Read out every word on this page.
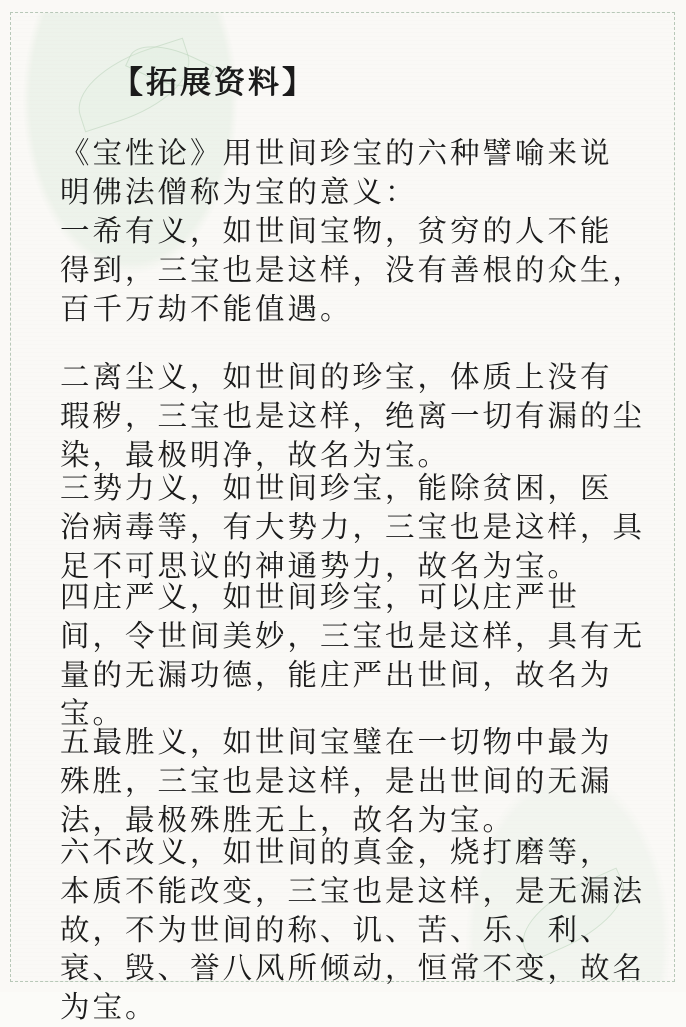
【拓展资料】
《宝性论》用世间珍宝的六种譬喻来说
明佛法僧称为宝的意义：
一希有义，如世间宝物，贫穷的人不能
得到，三宝也是这样，没有善根的众生，
百千万劫不能值遇。
二离尘义，如世间的珍宝，体质上没有
瑕秽，三宝也是这样，绝离一切有漏的尘
染，最极明净，故名为宝。
三势力义，如世间珍宝，能除贫困，医
治病毒等，有大势力，三宝也是这样，具
足不可思议的神通势力，故名为宝。
四庄严义，如世间珍宝，可以庄严世
间，令世间美妙，三宝也是这样，具有无
量的无漏功德，能庄严出世间，故名为
宝。
五最胜义，如世间宝璧在一切物中最为
殊胜，三宝也是这样，是出世间的无漏
法，最极殊胜无上，故名为宝。
六不改义，如世间的真金，烧打磨等，
本质不能改变，三宝也是这样，是无漏法
故，不为世间的称、讥、苦、乐、利、
衰、毁、誉八风所倾动，恒常不变，故名
为宝。
